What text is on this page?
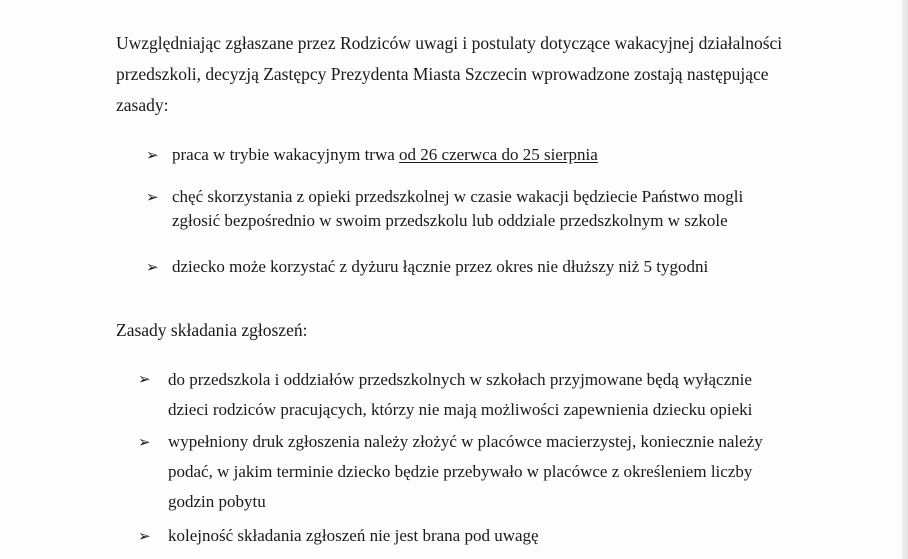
Uwzględniając zgłaszane przez Rodziców uwagi i postulaty dotyczące wakacyjnej działalności
przedszkoli, decyzją Zastępcy Prezydenta Miasta Szczecin wprowadzone zostają następujące
zasady:

➢ praca w trybie wakacyjnym trwa od 26 czerwca do 25 sierpnia
➢ chęć skorzystania z opieki przedszkolnej w czasie wakacji będziecie Państwo mogli
zgłosić bezpośrednio w swoim przedszkolu lub oddziale przedszkolnym w szkole
➢ dziecko może korzystać z dyżuru łącznie przez okres nie dłuższy niż 5 tygodni
Zasady składania zgłoszeń:
➢ do przedszkola i oddziałów przedszkolnych w szkołach przyjmowane będą wyłącznie
dzieci rodziców pracujących, którzy nie mają możliwości zapewnienia dziecku opieki
➢ wypełniony druk zgłoszenia należy złożyć w placówce macierzystej, koniecznie należy
podać, w jakim terminie dziecko będzie przebywało w placówce z określeniem liczby
godzin pobytu
➢ kolejność składania zgłoszeń nie jest brana pod uwagę
